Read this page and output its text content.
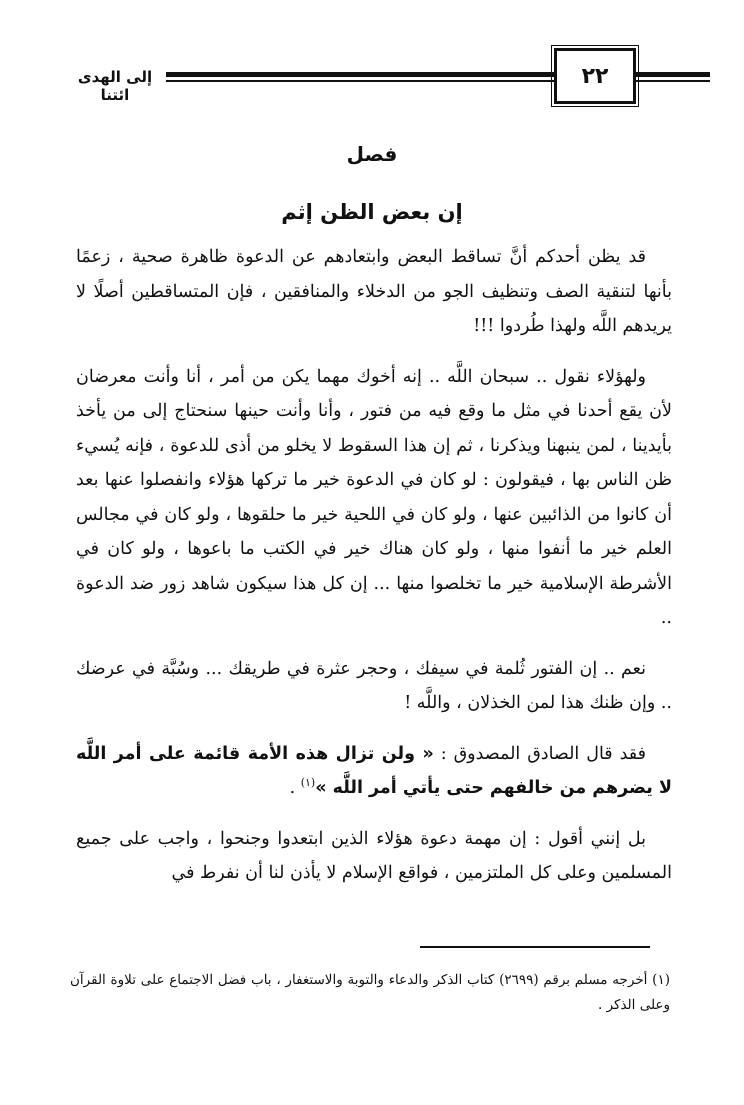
٢٢
إلى الهدى ائتنا
فصل
إن بعض الظن إثم

قد يظن أحدكم أنَّ تساقط البعض وابتعادهم عن الدعوة ظاهرة صحية ، زعمًا بأنها لتنقية الصف وتنظيف الجو من الدخلاء والمنافقين ، فإن المتساقطين أصلًا لا يريدهم اللَّه ولهذا طُردوا !!!

ولهؤلاء نقول .. سبحان اللَّه .. إنه أخوك مهما يكن من أمر ، أنا وأنت معرضان لأن يقع أحدنا في مثل ما وقع فيه من فتور ، وأنا وأنت حينها سنحتاج إلى من يأخذ بأيدينا ، لمن ينبهنا ويذكرنا ، ثم إن هذا السقوط لا يخلو من أذى للدعوة ، فإنه يُسيء ظن الناس بها ، فيقولون : لو كان في الدعوة خير ما تركها هؤلاء وانفصلوا عنها بعد أن كانوا من الذائبين عنها ، ولو كان في اللحية خير ما حلقوها ، ولو كان في مجالس العلم خير ما أنفوا منها ، ولو كان هناك خير في الكتب ما باعوها ، ولو كان في الأشرطة الإسلامية خير ما تخلصوا منها ... إن كل هذا سيكون شاهد زور ضد الدعوة ..

نعم .. إن الفتور ثُلمة في سيفك ، وحجر عثرة في طريقك ... وسُبَّة في عرضك .. وإن ظنك هذا لمن الخذلان ، واللَّه !

فقد قال الصادق المصدوق : « ولن تزال هذه الأمة قائمة على أمر اللَّه لا يضرهم من خالفهم حتى يأتي أمر اللَّه »$^{(١)}$ .

بل إنني أقول : إن مهمة دعوة هؤلاء الذين ابتعدوا وجنحوا ، واجب على جميع المسلمين وعلى كل الملتزمين ، فواقع الإسلام لا يأذن لنا أن نفرط في

(١) أخرجه مسلم برقم (٢٦٩٩) كتاب الذكر والدعاء والتوبة والاستغفار ، باب فضل الاجتماع على تلاوة القرآن وعلى الذكر .
